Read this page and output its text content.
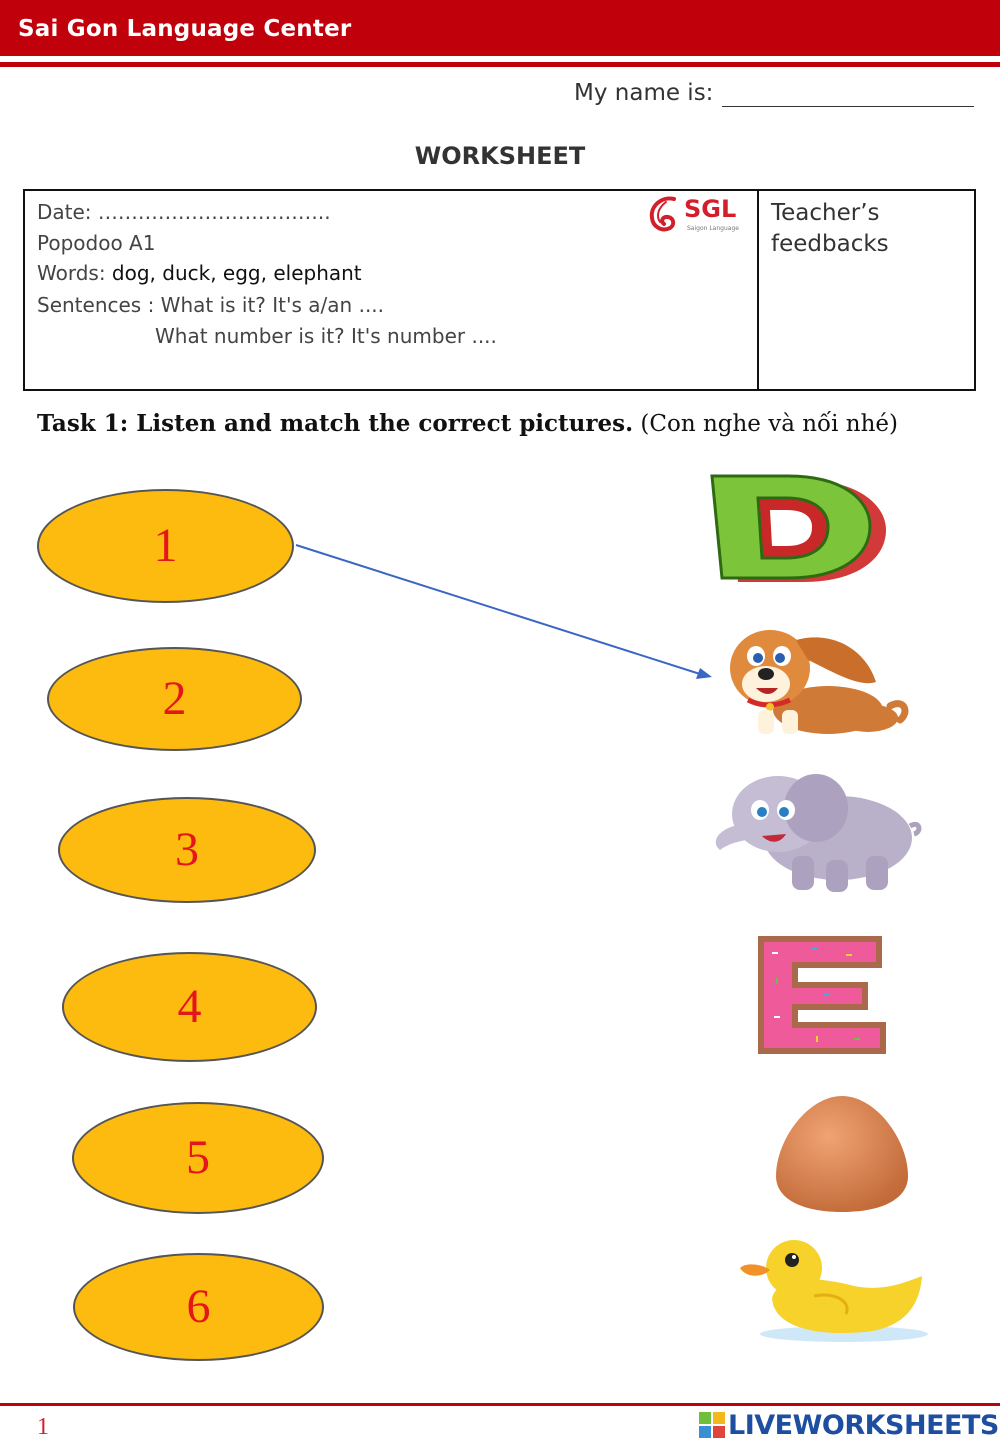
Sai Gon Language Center
My name is:
WORKSHEET
Date: ……………………………..
Popodoo A1
Words: dog, duck, egg, elephant
Sentences : What is it? It's a/an ....
What number is it? It's number ....
SGL
Saigon Language
Teacher’s feedbacks
Task 1: Listen and match the correct pictures. (Con nghe và nối nhé)
1
2
3
4
5
6
1	LIVEWORKSHEETS
